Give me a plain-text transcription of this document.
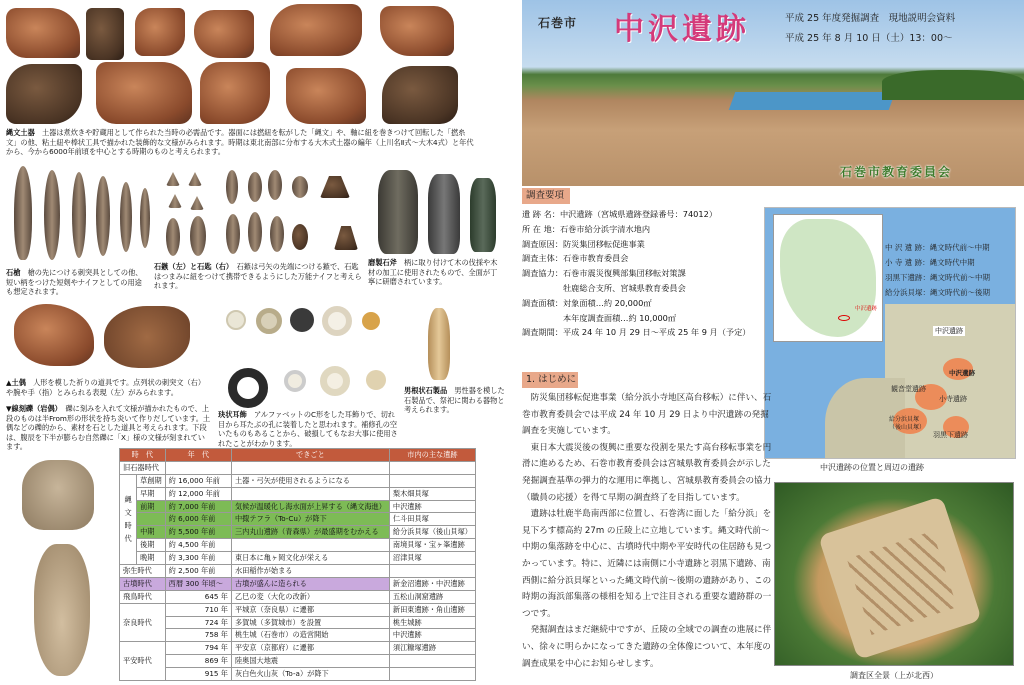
縄文土器　 土器は煮炊きや貯蔵用として作られた当時の必需品です。器面には撚紐を転がした「縄文」や、軸に紐を巻きつけて回転した「撚糸文」の他、粘土紐や棒状工具で描かれた装飾的な文様がみられます。時期は東北南部に分布する大木式土器の編年（上川名Ⅱ式～大木4式）と年代から、今から6000年前頃を中心とする時期のものと考えられます。
石槍　 槍の先につける刺突具としての他、短い柄をつけた短剣やナイフとしての用途も想定されます。
石鏃（左）と石匙（右）　 石鏃は弓矢の先端につける鏃で、石匙はつまみに紐をつけて携帯できるようにした万能ナイフと考えられます。
磨製石斧　 柄に取り付けて木の伐採や木材の加工に使用されたもので、全面が丁寧に研磨されています。
▲土偶　 人形を模した祈りの道具です。点列状の刺突文（右）や腕や手（指）とみられる表現（左）がみられます。
▼線刻礫（岩偶）　 礫に刻みを入れて文様が描かれたもので、上段のものは半From形の形状を持ち炎いて作りだしています。土偶などの礫的から、素材を石とした道具と考えられます。下段は、腹辰を下半が膨らむ自然礫に「X」様の文様が刻まれています。
玦状耳飾　 アルファベットのC形をした耳飾りで、切れ目から耳たぶの孔に装着したと思われます。補修孔の空いたものもあることから、破損してもなお大事に使用されたことがわかります。
男根状石製品　 男性器を模した石製品で、祭祀に関わる器物と考えられます。
時　代		年　代	できごと	市内の主な遺跡
旧石器時代				
縄
文
時
代	草創期	約 16,000 年前	土器・弓矢が使用されるようになる	
	早期	約 12,000 年前		梨木畑貝塚
	前期	約 7,000 年前	気候が温暖化し海水面が上昇する（縄文海進）	中沢遺跡
		約 6,000 年前	中掫テフラ（To-Cu）が降下	仁斗田貝塚
	中期	約 5,500 年前	三内丸山遺跡（青森県）が最盛期をむかえる	給分浜貝塚（後山貝塚）
	後期	約 4,500 年前		南境貝塚・宝ヶ峯遺跡
	晩期	約 3,300 年前	東日本に亀ヶ岡文化が栄える	沼津貝塚
弥生時代		約 2,500 年前	水田稲作が始まる	
古墳時代		西暦 300 年頃～	古墳が盛んに造られる	新金沼遺跡・中沢遺跡
飛鳥時代		645 年	乙巳の変（大化の改新）	五松山洞窟遺跡
奈良時代		710 年	平城京（奈良県）に遷都	新田東遺跡・角山遺跡
		724 年	多賀城（多賀城市）を設置	桃生城跡
		758 年	桃生城（石巻市）の造営開始	中沢遺跡
平安時代		794 年	平安京（京都府）に遷都	須江糠塚遺跡
		869 年	陸奥国大地震	
		915 年	灰白色火山灰（To-a）が降下	
石巻市 中沢遺跡	平成 25 年度発掘調査　現地説明会資料
平成 25 年 8 月 10 日（土）13：00～
石巻市教育委員会
調査要項
遺 跡 名：中沢遺跡（宮城県遺跡登録番号：74012）
所 在 地：石巻市給分浜字清水地内
調査原因：防災集団移転促進事業
調査主体：石巻市教育委員会
調査協力：石巻市震災復興部集団移転対策課
　　　　　牡鹿総合支所、宮城県教育委員会
調査面積：対象面積…約 20,000㎡
　　　　　本年度調査面積…約 10,000㎡
調査期間：平成 24 年 10 月 29 日～平成 25 年 9 月（予定）
中 沢 遺 跡：縄文時代前～中期
小 寺 遺 跡：縄文時代中期
羽黒下遺跡：縄文時代前～中期
給分浜貝塚：縄文時代前～後期
中沢遺跡
中沢遺跡
観音堂遺跡
小寺遺跡
給分浜貝塚（後山貝塚）
羽黒下遺跡
中沢遺跡
中沢遺跡の位置と周辺の遺跡
1. はじめに

防災集団移転促進事業（給分浜小寺地区高台移転）に伴い、石巻市教育委員会では平成 24 年 10 月 29 日より中沢遺跡の発掘調査を実施しています。

東日本大震災後の復興に重要な役割を果たす高台移転事業を円滑に進めるため、石巻市教育委員会は宮城県教育委員会が示した発掘調査基準の弾力的な運用に準拠し、宮城県教育委員会の協力（職員の応援）を得て早期の調査終了を目指しています。

遺跡は牡鹿半島南西部に位置し、石巻湾に面した「給分浜」を見下ろす標高約 27m の丘陵上に立地しています。縄文時代前～中期の集落跡を中心に、古墳時代中期や平安時代の住居跡も見つかっています。特に、近隣には南側に小寺遺跡と羽黒下遺跡、南西側に給分浜貝塚といった縄文時代前～後期の遺跡があり、この時期の海浜部集落の様相を知る上で注目される重要な遺跡群の一つです。

発掘調査はまだ継続中ですが、丘陵の全域での調査の進展に伴い、徐々に明らかになってきた遺跡の全体像について、本年度の調査成果を中心にお知らせします。

調査区全景（上が北西）
